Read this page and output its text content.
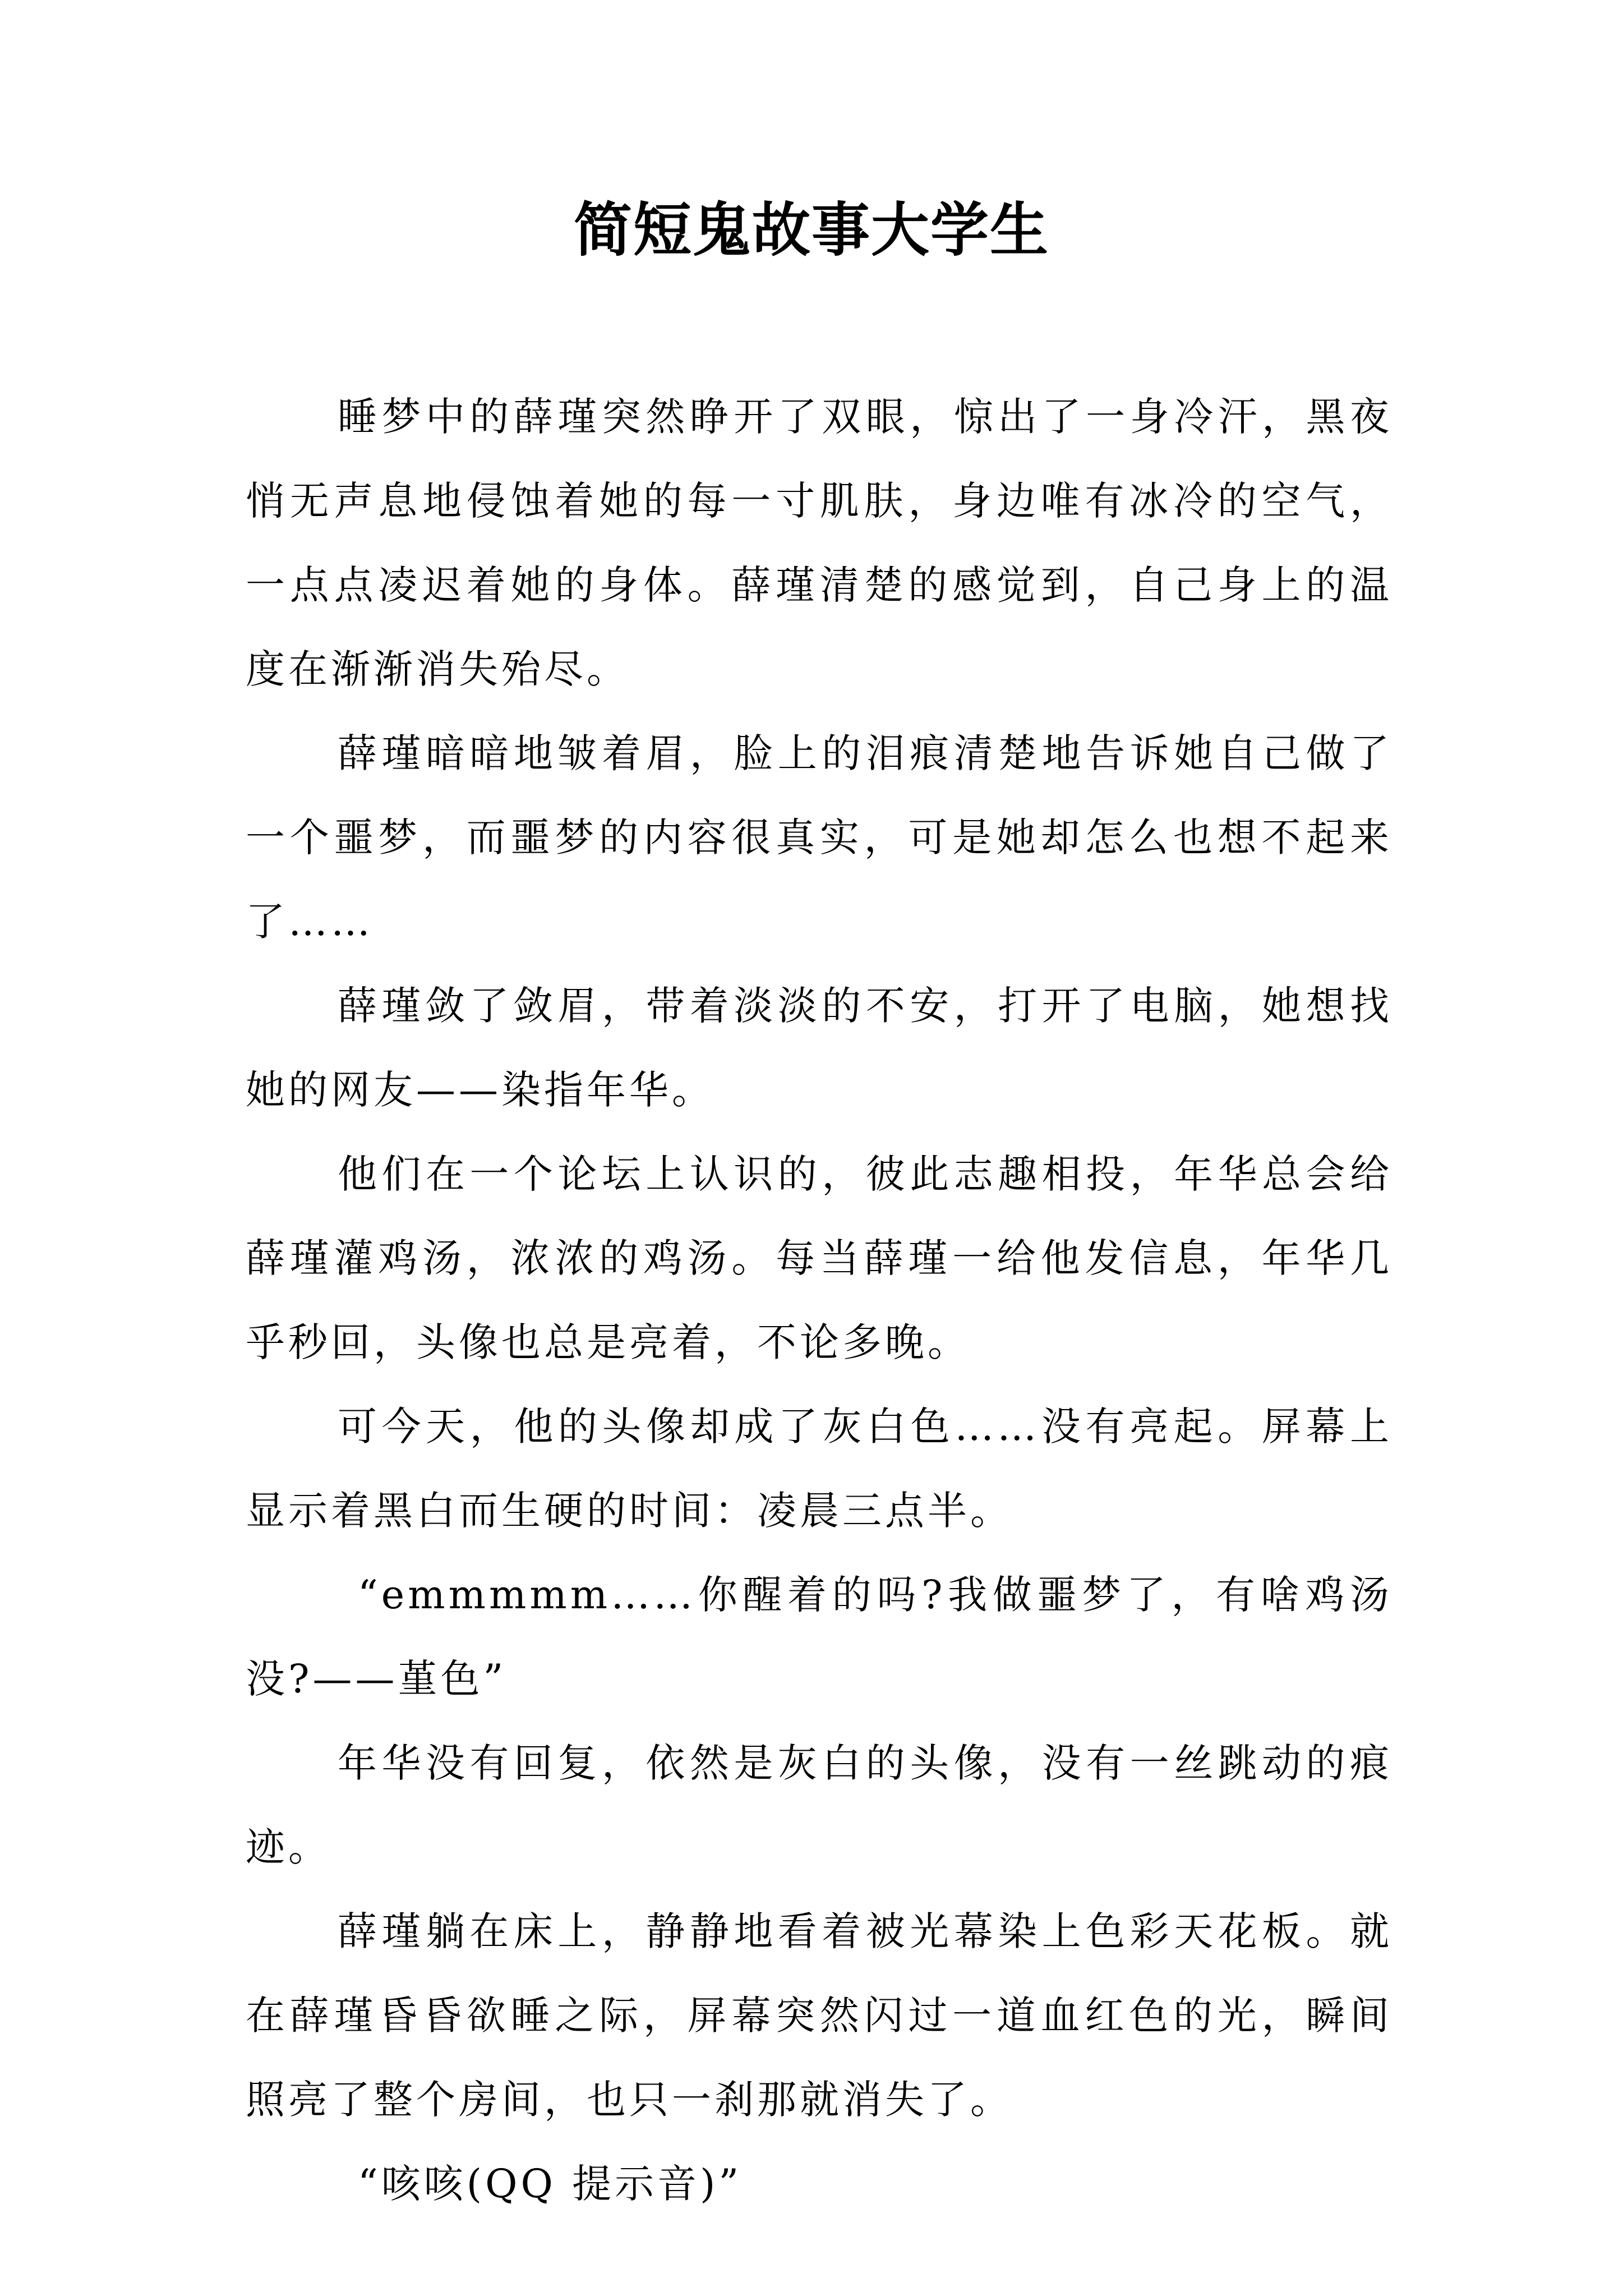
简短鬼故事大学生

睡梦中的薛瑾突然睁开了双眼，惊出了一身冷汗，黑夜悄无声息地侵蚀着她的每一寸肌肤，身边唯有冰冷的空气，一点点凌迟着她的身体。薛瑾清楚的感觉到，自己身上的温度在渐渐消失殆尽。

薛瑾暗暗地皱着眉，脸上的泪痕清楚地告诉她自己做了一个噩梦，而噩梦的内容很真实，可是她却怎么也想不起来了……

薛瑾敛了敛眉，带着淡淡的不安，打开了电脑，她想找她的网友——染指年华。

他们在一个论坛上认识的，彼此志趣相投，年华总会给薛瑾灌鸡汤，浓浓的鸡汤。每当薛瑾一给他发信息，年华几乎秒回，头像也总是亮着，不论多晚。

可今天，他的头像却成了灰白色……没有亮起。屏幕上显示着黑白而生硬的时间：凌晨三点半。

“emmmmm……你醒着的吗?我做噩梦了，有啥鸡汤没?——堇色”

年华没有回复，依然是灰白的头像，没有一丝跳动的痕迹。

薛瑾躺在床上，静静地看着被光幕染上色彩天花板。就在薛瑾昏昏欲睡之际，屏幕突然闪过一道血红色的光，瞬间照亮了整个房间，也只一刹那就消失了。

“咳咳(QQ 提示音)”
